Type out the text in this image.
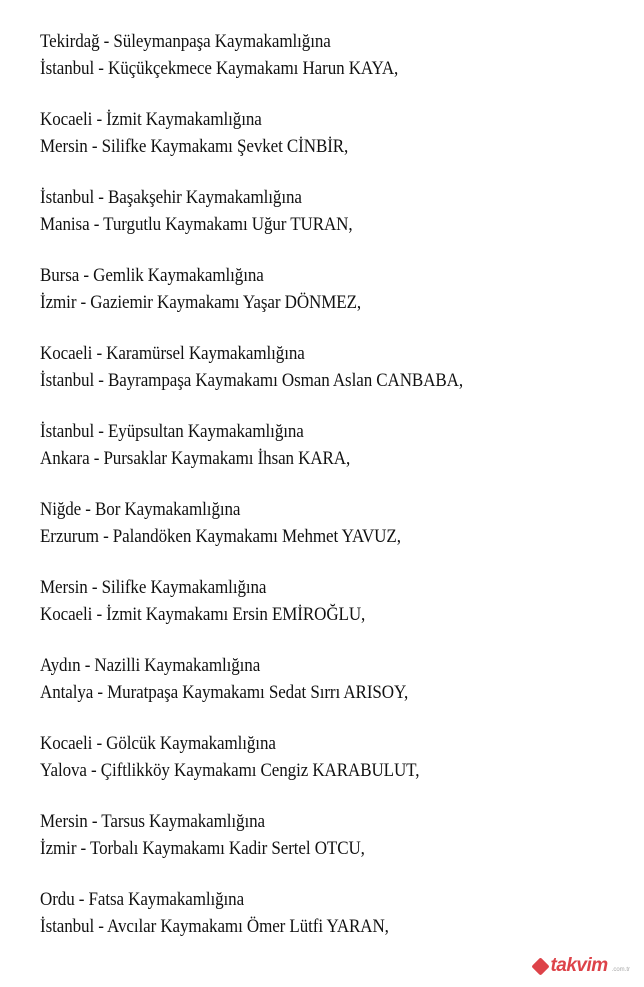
Tekirdağ - Süleymanpaşa Kaymakamlığına
İstanbul - Küçükçekmece Kaymakamı Harun KAYA,
Kocaeli - İzmit Kaymakamlığına
Mersin - Silifke Kaymakamı Şevket CİNBİR,
İstanbul - Başakşehir Kaymakamlığına
Manisa - Turgutlu Kaymakamı Uğur TURAN,
Bursa - Gemlik Kaymakamlığına
İzmir - Gaziemir Kaymakamı Yaşar DÖNMEZ,
Kocaeli - Karamürsel Kaymakamlığına
İstanbul - Bayrampaşa Kaymakamı Osman Aslan CANBABA,
İstanbul - Eyüpsultan Kaymakamlığına
Ankara - Pursaklar Kaymakamı İhsan KARA,
Niğde - Bor Kaymakamlığına
Erzurum - Palandöken Kaymakamı Mehmet YAVUZ,
Mersin - Silifke Kaymakamlığına
Kocaeli - İzmit Kaymakamı Ersin EMİROĞLU,
Aydın - Nazilli Kaymakamlığına
Antalya - Muratpaşa Kaymakamı Sedat Sırrı ARISOY,
Kocaeli - Gölcük Kaymakamlığına
Yalova - Çiftlikköy Kaymakamı Cengiz KARABULUT,
Mersin - Tarsus Kaymakamlığına
İzmir - Torbalı Kaymakamı Kadir Sertel OTCU,
Ordu - Fatsa Kaymakamlığına
İstanbul - Avcılar Kaymakamı Ömer Lütfi YARAN,
takvim .com.tr
